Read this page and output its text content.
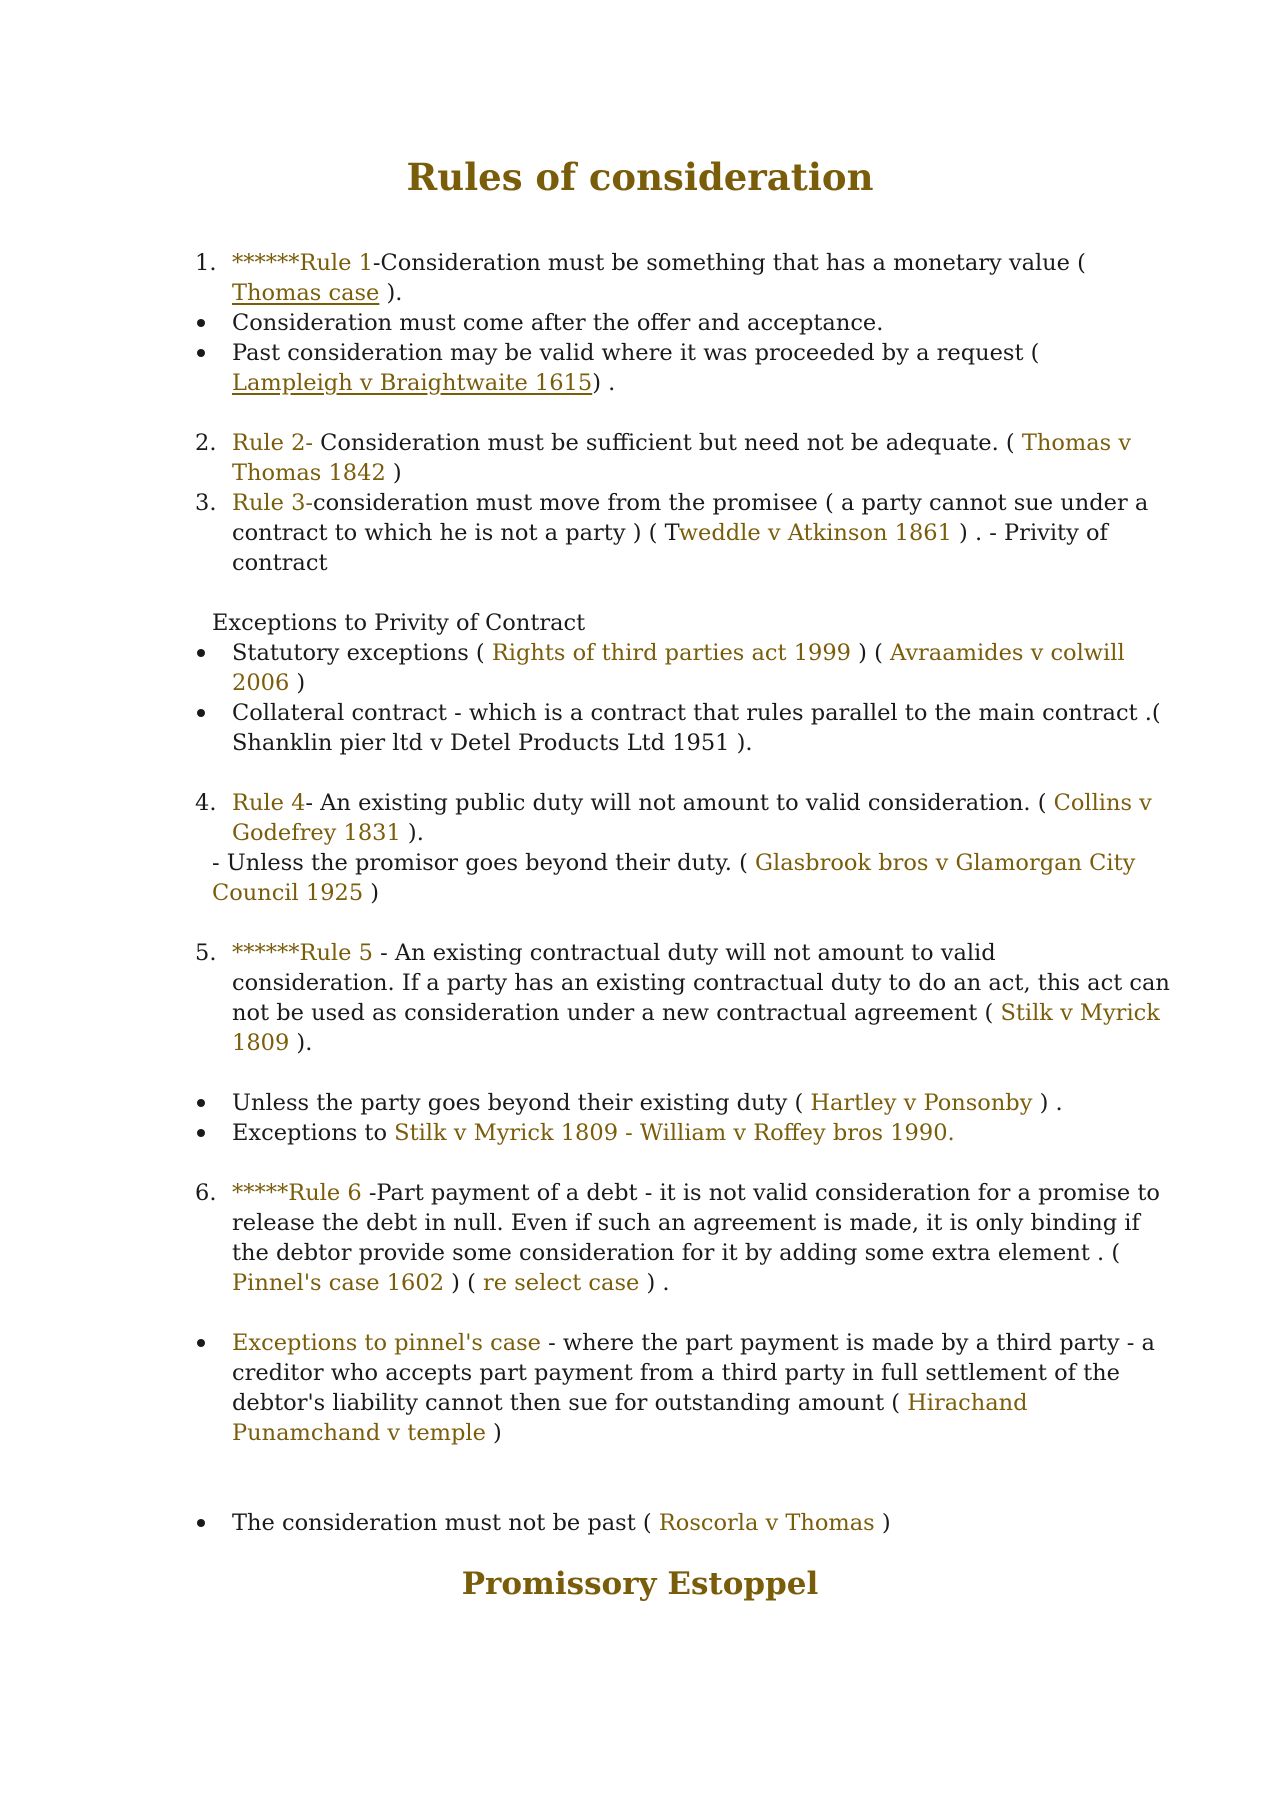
Rules of consideration
1. ******Rule 1-Consideration must be something that has a monetary value (
Thomas case ).
Consideration must come after the offer and acceptance.
Past consideration may be valid where it was proceeded by a request (
Lampleigh v Braightwaite 1615) .
2. Rule 2- Consideration must be sufficient but need not be adequate. ( Thomas v
Thomas 1842 )
3. Rule 3-consideration must move from the promisee ( a party cannot sue under a
contract to which he is not a party ) ( Tweddle v Atkinson 1861 ) . - Privity of
contract
Exceptions to Privity of Contract
Statutory exceptions ( Rights of third parties act 1999 ) ( Avraamides v colwill
2006 )
Collateral contract - which is a contract that rules parallel to the main contract .(
Shanklin pier ltd v Detel Products Ltd 1951 ).
4. Rule 4- An existing public duty will not amount to valid consideration. ( Collins v
Godefrey 1831 ).
- Unless the promisor goes beyond their duty. ( Glasbrook bros v Glamorgan City
Council 1925 )
5. ******Rule 5 - An existing contractual duty will not amount to valid
consideration. If a party has an existing contractual duty to do an act, this act can
not be used as consideration under a new contractual agreement ( Stilk v Myrick
1809 ).
Unless the party goes beyond their existing duty ( Hartley v Ponsonby ) .
Exceptions to Stilk v Myrick 1809 - William v Roffey bros 1990.
6. *****Rule 6 -Part payment of a debt - it is not valid consideration for a promise to
release the debt in null. Even if such an agreement is made, it is only binding if
the debtor provide some consideration for it by adding some extra element . (
Pinnel's case 1602 ) ( re select case ) .
Exceptions to pinnel's case - where the part payment is made by a third party - a
creditor who accepts part payment from a third party in full settlement of the
debtor's liability cannot then sue for outstanding amount ( Hirachand
Punamchand v temple )
The consideration must not be past ( Roscorla v Thomas )
Promissory Estoppel
